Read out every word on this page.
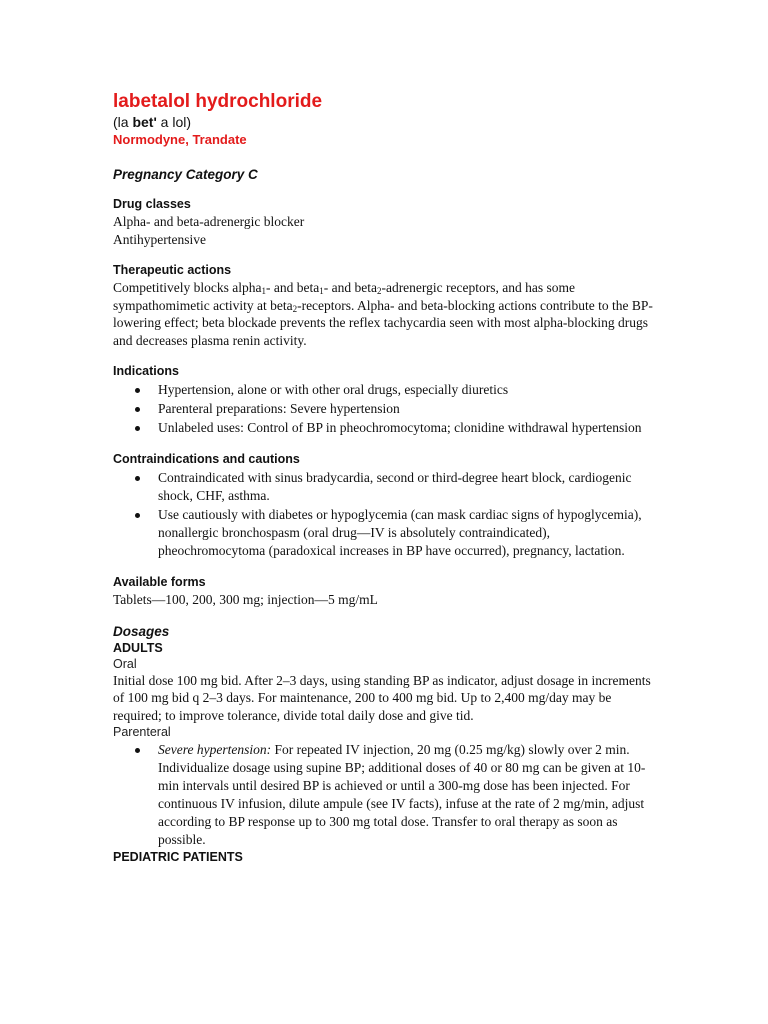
labetalol hydrochloride

(la bet' a lol)

Normodyne, Trandate

Pregnancy Category C

Drug classes

Alpha- and beta-adrenergic blocker

Antihypertensive

Therapeutic actions

Competitively blocks alpha$_1$- and beta$_1$- and beta$_2$-adrenergic receptors, and has some sympathomimetic activity at beta$_2$-receptors. Alpha- and beta-blocking actions contribute to the BP-lowering effect; beta blockade prevents the reflex tachycardia seen with most alpha-blocking drugs and decreases plasma renin activity.

Indications

Hypertension, alone or with other oral drugs, especially diuretics
Parenteral preparations: Severe hypertension
Unlabeled uses: Control of BP in pheochromocytoma; clonidine withdrawal hypertension

Contraindications and cautions

Contraindicated with sinus bradycardia, second or third-degree heart block, cardiogenic shock, CHF, asthma.
Use cautiously with diabetes or hypoglycemia (can mask cardiac signs of hypoglycemia), nonallergic bronchospasm (oral drug—IV is absolutely contraindicated), pheochromocytoma (paradoxical increases in BP have occurred), pregnancy, lactation.

Available forms

Tablets—100, 200, 300 mg; injection—5 mg/mL

Dosages

ADULTS

Oral

Initial dose 100 mg bid. After 2–3 days, using standing BP as indicator, adjust dosage in increments of 100 mg bid q 2–3 days. For maintenance, 200 to 400 mg bid. Up to 2,400 mg/day may be required; to improve tolerance, divide total daily dose and give tid.

Parenteral

Severe hypertension: For repeated IV injection, 20 mg (0.25 mg/kg) slowly over 2 min. Individualize dosage using supine BP; additional doses of 40 or 80 mg can be given at 10-min intervals until desired BP is achieved or until a 300-mg dose has been injected. For continuous IV infusion, dilute ampule (see IV facts), infuse at the rate of 2 mg/min, adjust according to BP response up to 300 mg total dose. Transfer to oral therapy as soon as possible.

PEDIATRIC PATIENTS
